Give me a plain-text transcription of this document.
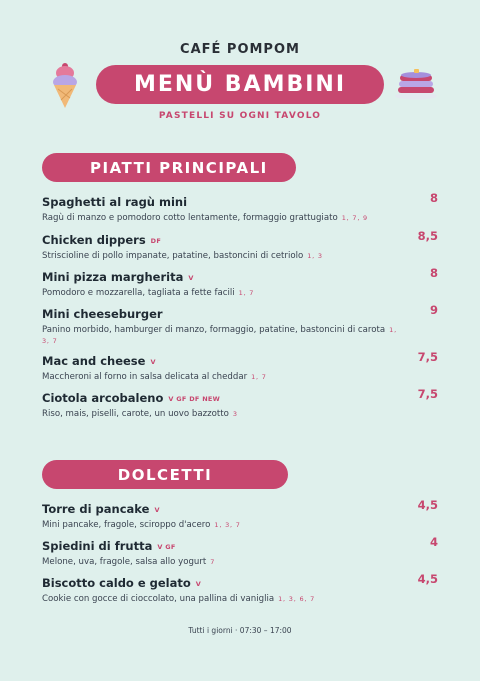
CAFÉ POMPOM
MENÙ BAMBINI
PASTELLI SU OGNI TAVOLO
PIATTI PRINCIPALI
Spaghetti al ragù mini	8
Ragù di manzo e pomodoro cotto lentamente, formaggio grattugiato 1, 7, 9
Chicken dippers DF	8,5
Striscioline di pollo impanate, patatine, bastoncini di cetriolo 1, 3
Mini pizza margherita V	8
Pomodoro e mozzarella, tagliata a fette facili 1, 7
Mini cheeseburger	9
Panino morbido, hamburger di manzo, formaggio, patatine, bastoncini di carota 1, 3, 7
Mac and cheese V	7,5
Maccheroni al forno in salsa delicata al cheddar 1, 7
Ciotola arcobaleno V GF DF NEW	7,5
Riso, mais, piselli, carote, un uovo bazzotto 3
DOLCETTI
Torre di pancake V	4,5
Mini pancake, fragole, sciroppo d'acero 1, 3, 7
Spiedini di frutta V GF	4
Melone, uva, fragole, salsa allo yogurt 7
Biscotto caldo e gelato V	4,5
Cookie con gocce di cioccolato, una pallina di vaniglia 1, 3, 6, 7
Tutti i giorni · 07:30 – 17:00
